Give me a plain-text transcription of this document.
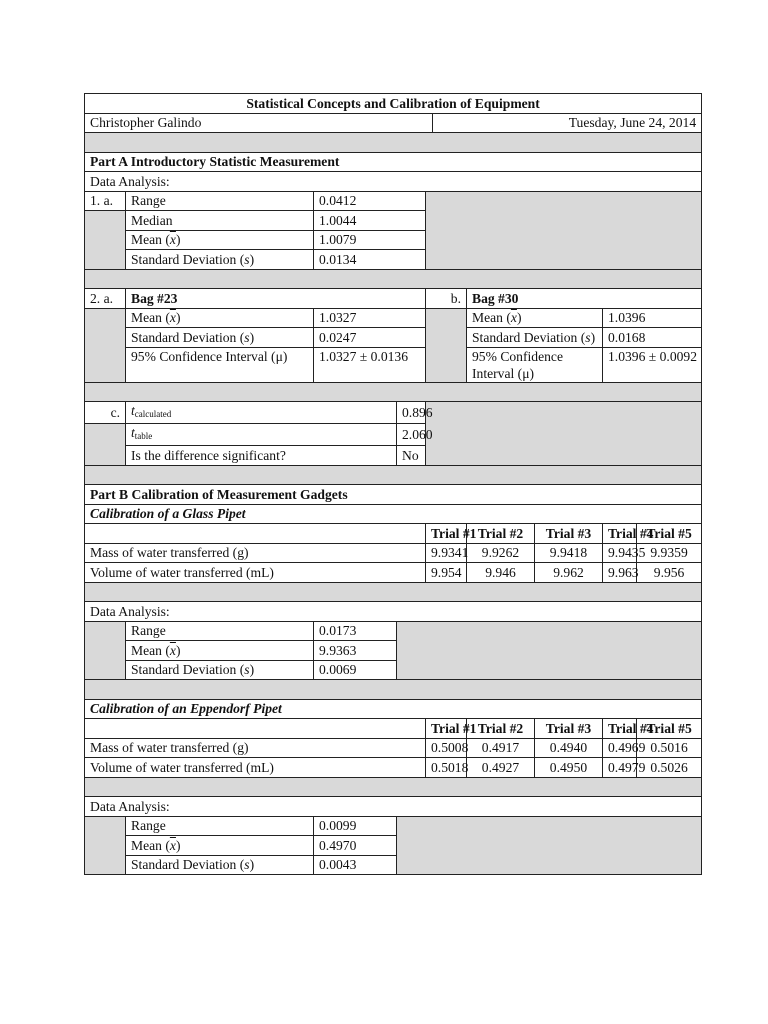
Statistical Concepts and Calibration of Equipment									
Christopher Galindo					Tuesday, June 24, 2014				

Part A Introductory Statistic Measurement									
Data Analysis:									
1. a.	Range	0.0412							
	Median	1.0044							
	Mean $(\overline{x})$	1.0079							
	Standard Deviation (s)	0.0134							

2. a.	Bag #23			b.		Bag #30			
	Mean $(\overline{x})$	1.0327				Mean $(\overline{x})$		1.0396	
	Standard Deviation (s)	0.0247				Standard Deviation (s)		0.0168	
	95% Confidence Interval (μ)	1.0327 ± 0.0136				95% Confidence Interval (μ)		1.0396 ± 0.0092	

c.	$t_{calculated}$		0.896						
	$t_{table}$		2.060						
	Is the difference significant?		No						

Part B Calibration of Measurement Gadgets									
Calibration of a Glass Pipet									
				Trial #1		Trial #2	Trial #3	Trial #4	Trial #5
Mass of water transferred (g)				9.9341		9.9262	9.9418	9.9435	9.9359
Volume of water transferred (mL)				9.954		9.946	9.962	9.963	9.956

Data Analysis:									
	Range	0.0173							
	Mean $(\overline{x})$	9.9363							
	Standard Deviation (s)	0.0069							

Calibration of an Eppendorf Pipet									
				Trial #1		Trial #2	Trial #3	Trial #4	Trial #5
Mass of water transferred (g)				0.5008		0.4917	0.4940	0.4969	0.5016
Volume of water transferred (mL)				0.5018		0.4927	0.4950	0.4979	0.5026

Data Analysis:									
	Range	0.0099							
	Mean $(\overline{x})$	0.4970							
	Standard Deviation (s)	0.0043							
